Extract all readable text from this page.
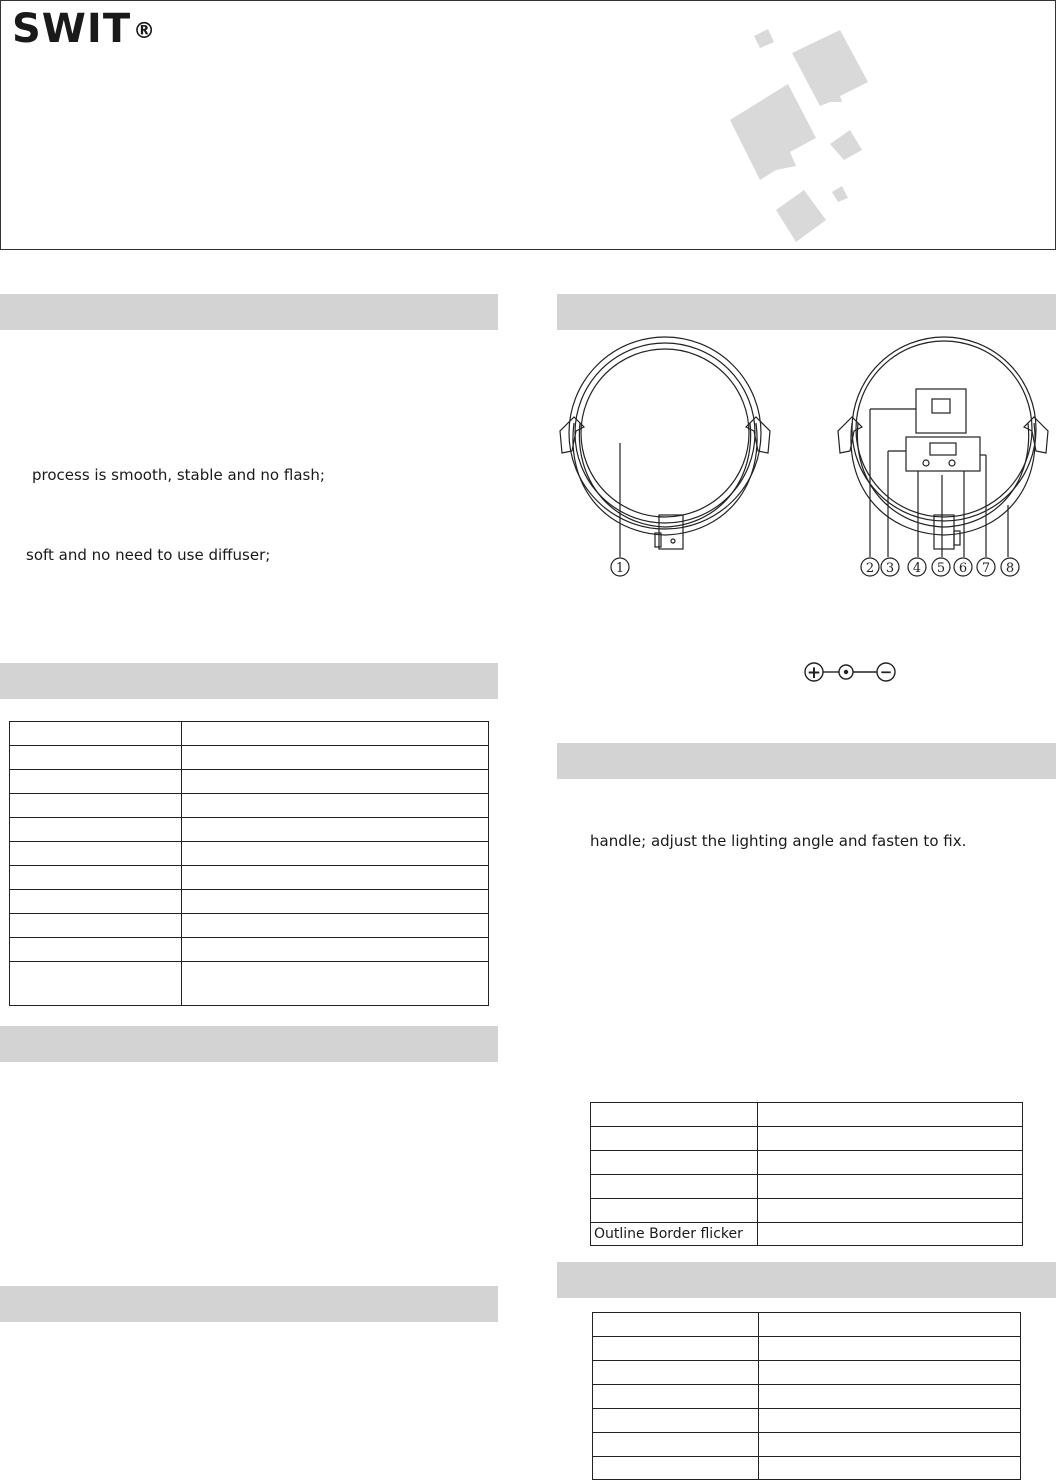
SWIT®
process is smooth, stable and no flash;
soft and no need to use diffuser;

1	2 3 4 5 6 7 8
+	−
handle; adjust the lighting angle and fasten to fix.

Outline Border flicker	
